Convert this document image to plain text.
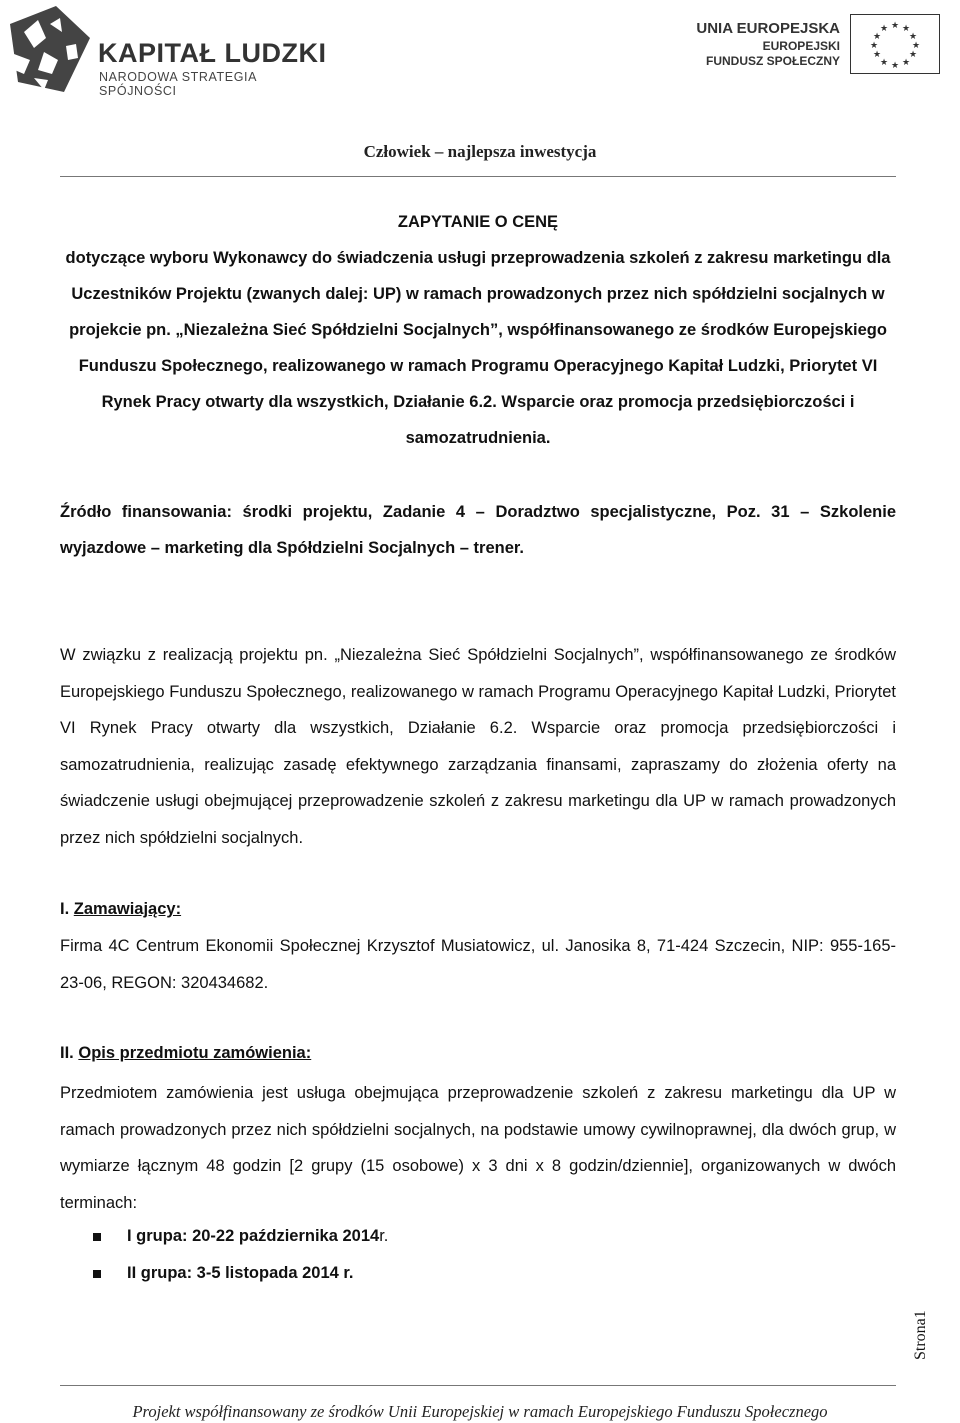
KAPITAŁ LUDZKI
NARODOWA STRATEGIA SPÓJNOŚCI
UNIA EUROPEJSKA
EUROPEJSKI
FUNDUSZ SPOŁECZNY
★ ★
★
★
★
★
★
★
★
★
★
★
Człowiek – najlepsza inwestycja
ZAPYTANIE O CENĘ
dotyczące wyboru Wykonawcy do świadczenia usługi przeprowadzenia szkoleń z zakresu marketingu dla Uczestników Projektu (zwanych dalej: UP) w ramach prowadzonych przez nich spółdzielni socjalnych w projekcie pn. „Niezależna Sieć Spółdzielni Socjalnych”, współfinansowanego ze środków Europejskiego Funduszu Społecznego, realizowanego w ramach Programu Operacyjnego Kapitał Ludzki, Priorytet VI Rynek Pracy otwarty dla wszystkich, Działanie 6.2. Wsparcie oraz promocja przedsiębiorczości i samozatrudnienia.
Źródło finansowania: środki projektu, Zadanie 4 – Doradztwo specjalistyczne, Poz. 31 – Szkolenie wyjazdowe – marketing dla Spółdzielni Socjalnych – trener.
W związku z realizacją projektu pn. „Niezależna Sieć Spółdzielni Socjalnych”, współfinansowanego ze środków Europejskiego Funduszu Społecznego, realizowanego w ramach Programu Operacyjnego Kapitał Ludzki, Priorytet VI Rynek Pracy otwarty dla wszystkich, Działanie 6.2. Wsparcie oraz promocja przedsiębiorczości i samozatrudnienia, realizując zasadę efektywnego zarządzania finansami, zapraszamy do złożenia oferty na świadczenie usługi obejmującej przeprowadzenie szkoleń z zakresu marketingu dla UP w ramach prowadzonych przez nich spółdzielni socjalnych.
I. Zamawiający:
Firma 4C Centrum Ekonomii Społecznej Krzysztof Musiatowicz, ul. Janosika 8, 71-424 Szczecin, NIP: 955-165-23-06, REGON: 320434682.
II. Opis przedmiotu zamówienia:
Przedmiotem zamówienia jest usługa obejmująca przeprowadzenie szkoleń z zakresu marketingu dla UP w ramach prowadzonych przez nich spółdzielni socjalnych, na podstawie umowy cywilnoprawnej, dla dwóch grup, w wymiarze łącznym 48 godzin [2 grupy (15 osobowe) x 3 dni x 8 godzin/dziennie], organizowanych w dwóch terminach:
I grupa: 20-22 października 2014 r.
II grupa: 3-5 listopada 2014 r.
Strona1
Projekt współfinansowany ze środków Unii Europejskiej w ramach Europejskiego Funduszu Społecznego
